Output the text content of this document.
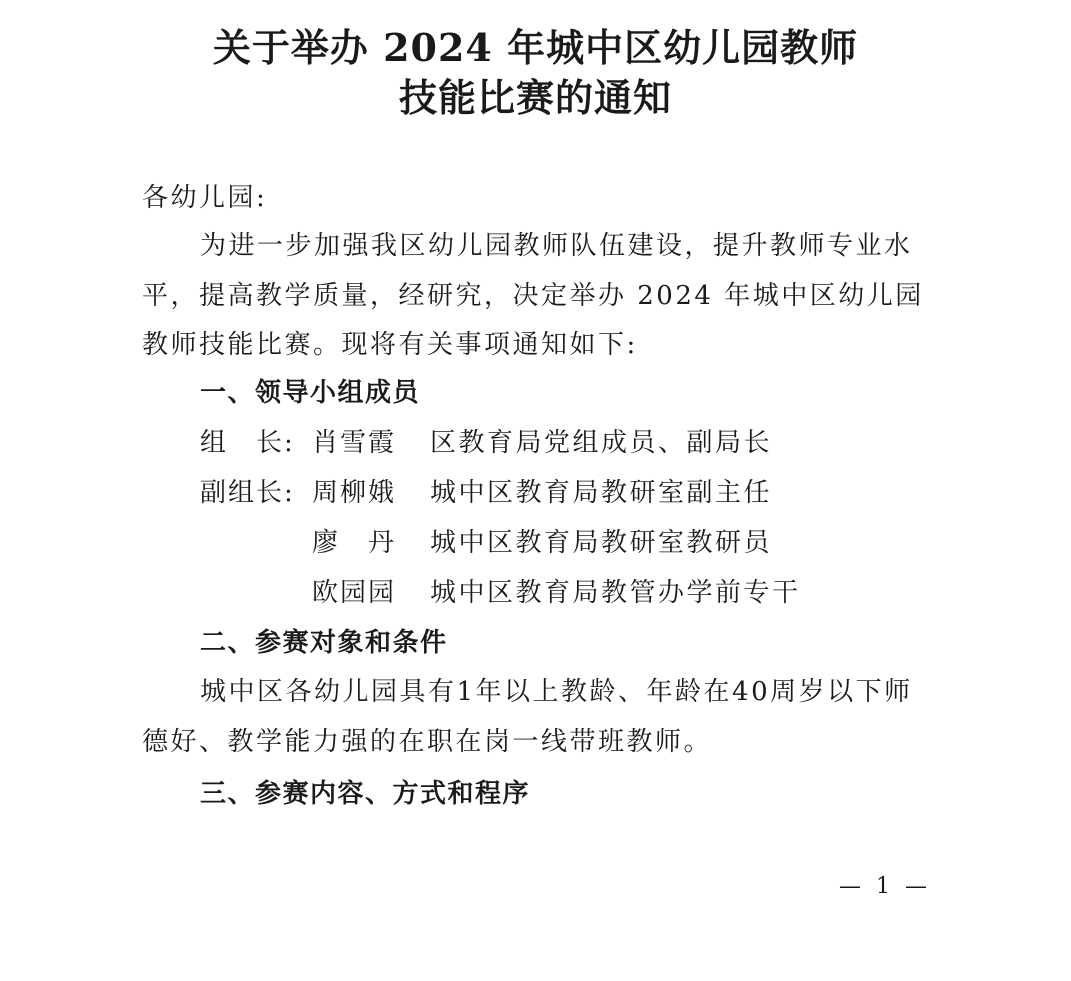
关于举办 2024 年城中区幼儿园教师
技能比赛的通知
各幼儿园:
为进一步加强我区幼儿园教师队伍建设，提升教师专业水平，提高教学质量，经研究，决定举办 2024 年城中区幼儿园教师技能比赛。现将有关事项通知如下:
一、领导小组成员
组　长: 肖雪霞 区教育局党组成员、副局长
副组长: 周柳娥 城中区教育局教研室副主任
廖　丹 城中区教育局教研室教研员
欧园园 城中区教育局教管办学前专干
二、参赛对象和条件
城中区各幼儿园具有1年以上教龄、年龄在40周岁以下师德好、教学能力强的在职在岗一线带班教师。
三、参赛内容、方式和程序
— 1 —
